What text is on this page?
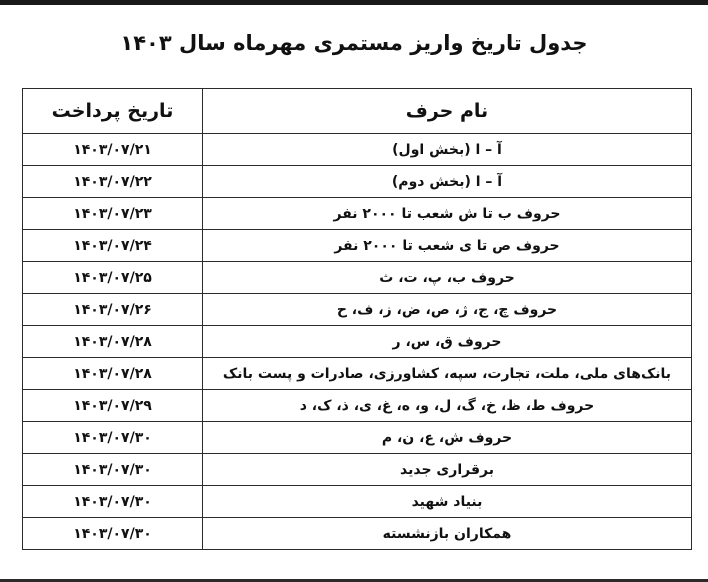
جدول تاریخ واریز مستمری مهرماه سال ۱۴۰۳
نام حرف	تاریخ پرداخت
آ – ا (بخش اول)	۱۴۰۳/۰۷/۲۱
آ – ا (بخش دوم)	۱۴۰۳/۰۷/۲۲
حروف ب تا ش شعب تا ۲۰۰۰ نفر	۱۴۰۳/۰۷/۲۳
حروف ص تا ی شعب تا ۲۰۰۰ نفر	۱۴۰۳/۰۷/۲۴
حروف ب، پ، ت، ث	۱۴۰۳/۰۷/۲۵
حروف چ، ج، ژ، ص، ض، ز، ف، ح	۱۴۰۳/۰۷/۲۶
حروف ق، س، ر	۱۴۰۳/۰۷/۲۸
بانک‌های ملی، ملت، تجارت، سپه، کشاورزی، صادرات و پست بانک	۱۴۰۳/۰۷/۲۸
حروف ط، ظ، خ، گ، ل، و، ه، غ، ی، ذ، ک، د	۱۴۰۳/۰۷/۲۹
حروف ش، ع، ن، م	۱۴۰۳/۰۷/۳۰
برقراری جدید	۱۴۰۳/۰۷/۳۰
بنیاد شهید	۱۴۰۳/۰۷/۳۰
همکاران بازنشسته	۱۴۰۳/۰۷/۳۰
